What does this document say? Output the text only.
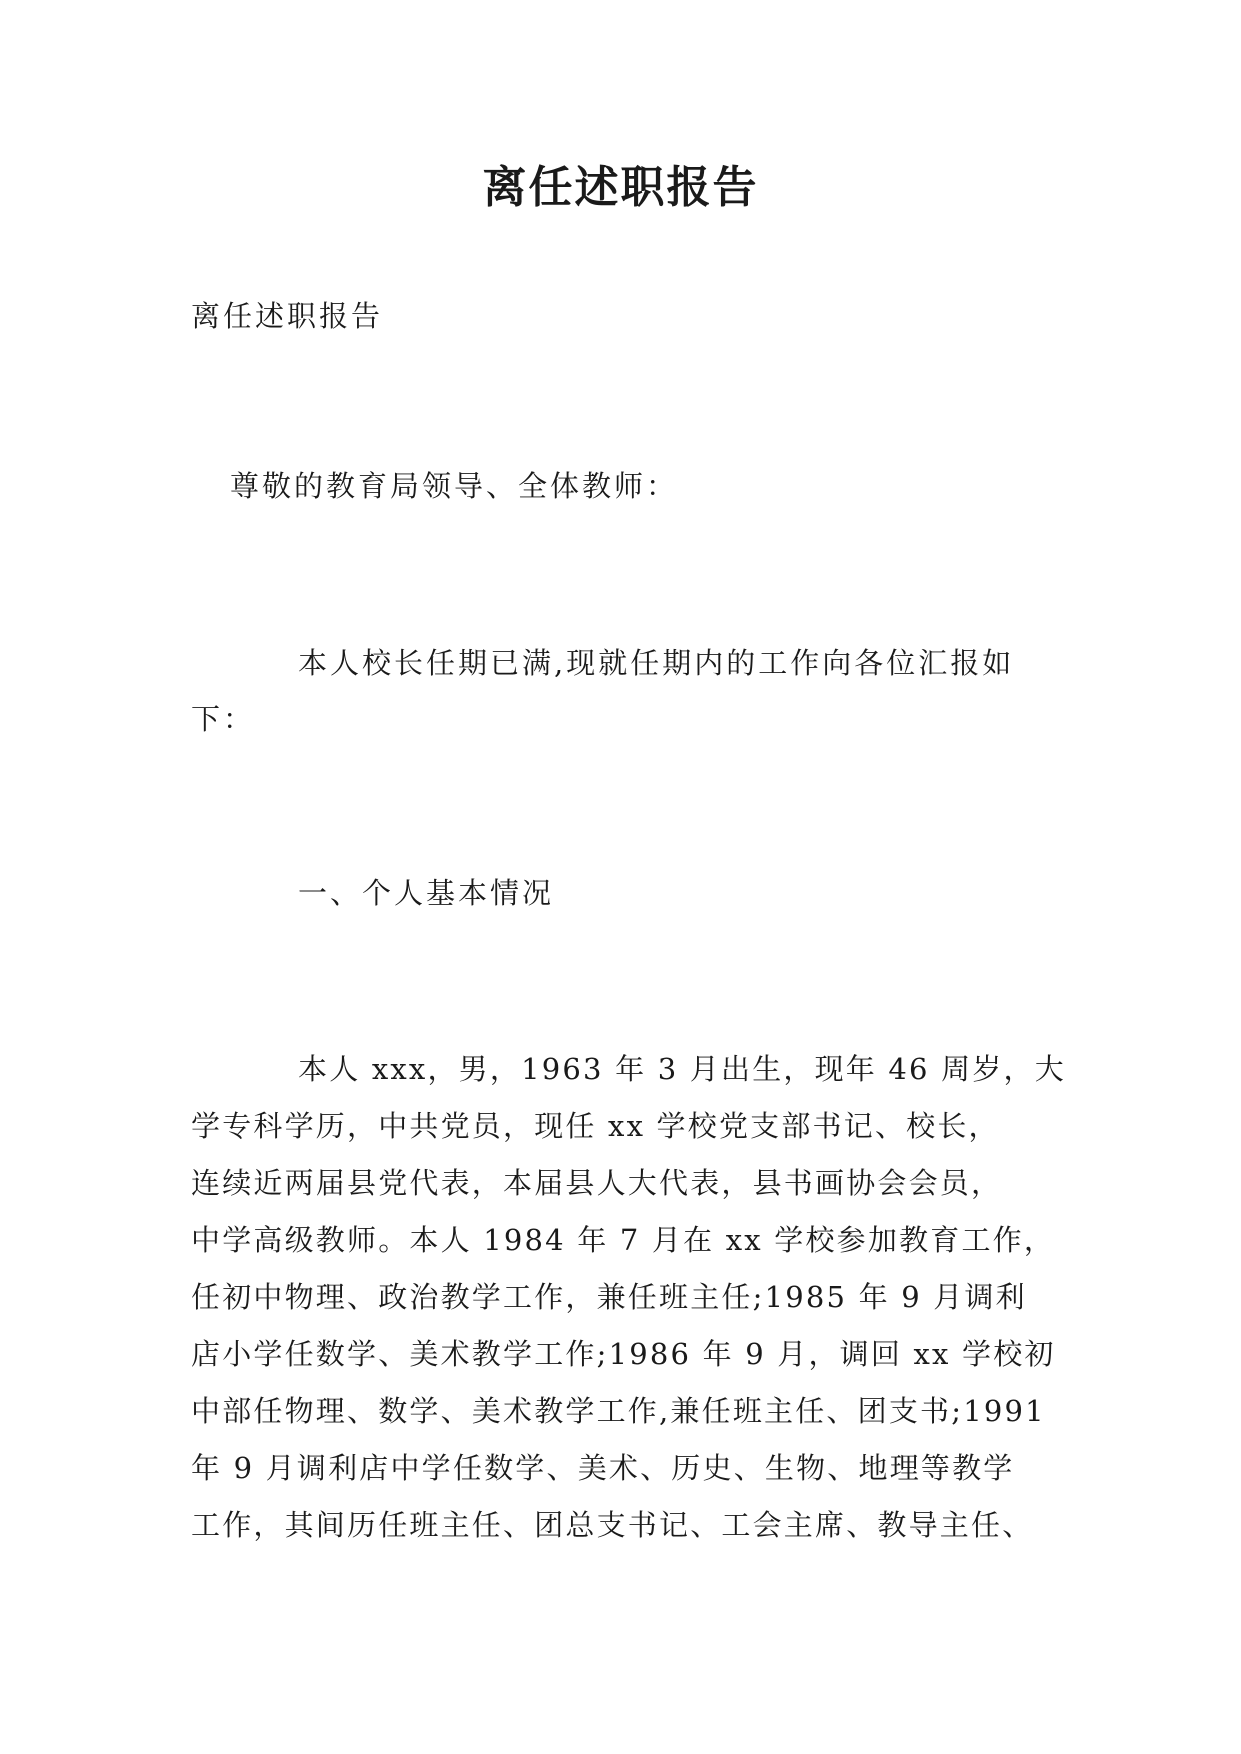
离任述职报告
离任述职报告
尊敬的教育局领导、全体教师：
本人校长任期已满,现就任期内的工作向各位汇报如
下：
一、个人基本情况
本人 xxx，男，1963 年 3 月出生，现年 46 周岁，大
学专科学历，中共党员，现任 xx 学校党支部书记、校长，
连续近两届县党代表，本届县人大代表，县书画协会会员，
中学高级教师。本人 1984 年 7 月在 xx 学校参加教育工作，
任初中物理、政治教学工作，兼任班主任;1985 年 9 月调利
店小学任数学、美术教学工作;1986 年 9 月，调回 xx 学校初
中部任物理、数学、美术教学工作,兼任班主任、团支书;1991
年 9 月调利店中学任数学、美术、历史、生物、地理等教学
工作，其间历任班主任、团总支书记、工会主席、教导主任、
